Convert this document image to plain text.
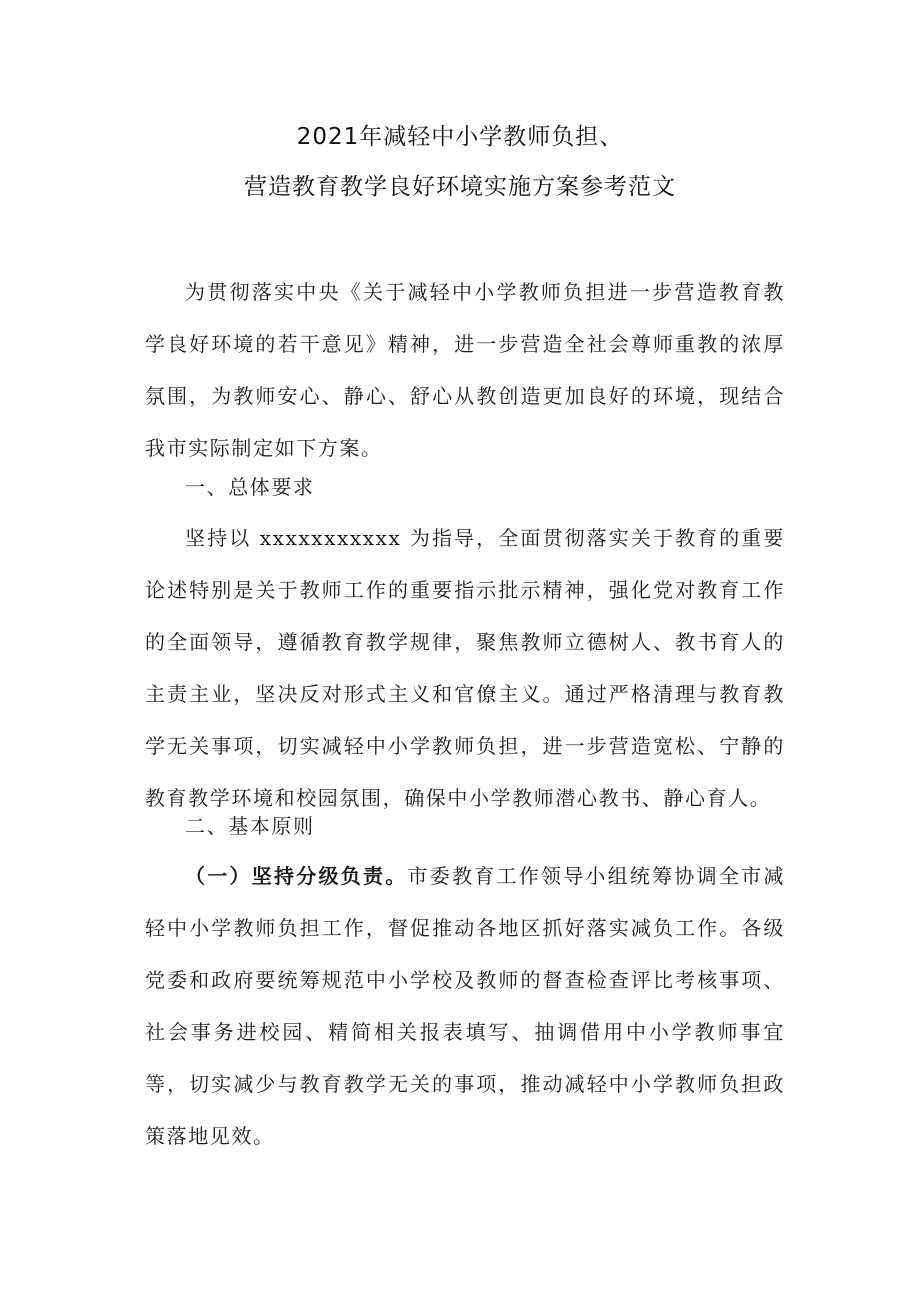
2021年减轻中小学教师负担、
营造教育教学良好环境实施方案参考范文

为贯彻落实中央《关于减轻中小学教师负担进一步营造教育教学良好环境的若干意见》精神，进一步营造全社会尊师重教的浓厚氛围，为教师安心、静心、舒心从教创造更加良好的环境，现结合我市实际制定如下方案。

一、总体要求

坚持以 xxxxxxxxxxx 为指导，全面贯彻落实关于教育的重要论述特别是关于教师工作的重要指示批示精神，强化党对教育工作的全面领导，遵循教育教学规律，聚焦教师立德树人、教书育人的主责主业，坚决反对形式主义和官僚主义。通过严格清理与教育教学无关事项，切实减轻中小学教师负担，进一步营造宽松、宁静的教育教学环境和校园氛围，确保中小学教师潜心教书、静心育人。

二、基本原则

（一）坚持分级负责。市委教育工作领导小组统筹协调全市减轻中小学教师负担工作，督促推动各地区抓好落实减负工作。各级党委和政府要统筹规范中小学校及教师的督查检查评比考核事项、社会事务进校园、精简相关报表填写、抽调借用中小学教师事宜等，切实减少与教育教学无关的事项，推动减轻中小学教师负担政策落地见效。
